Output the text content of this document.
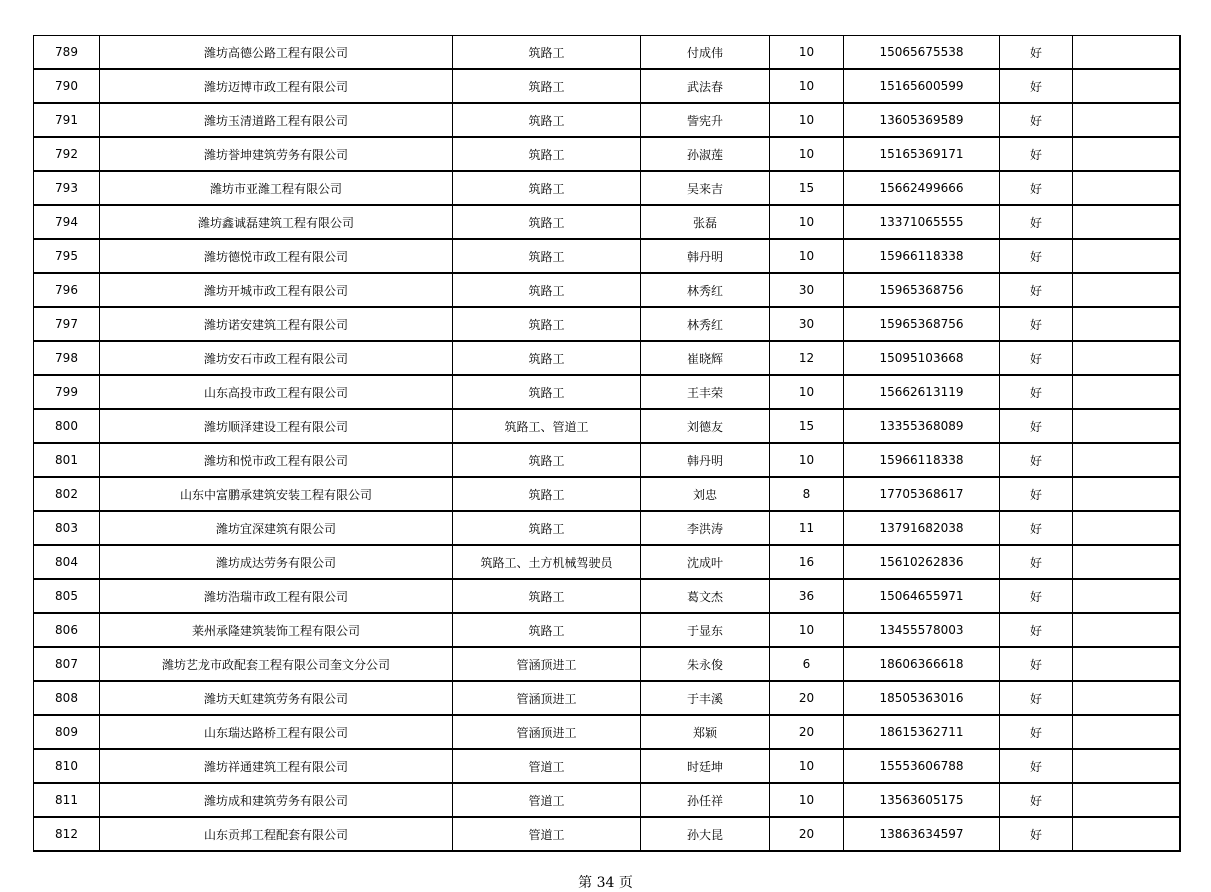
789	潍坊高德公路工程有限公司	筑路工	付成伟	10	15065675538	好	
790	潍坊迈博市政工程有限公司	筑路工	武法春	10	15165600599	好	
791	潍坊玉清道路工程有限公司	筑路工	訾宪升	10	13605369589	好	
792	潍坊誉坤建筑劳务有限公司	筑路工	孙淑莲	10	15165369171	好	
793	潍坊市亚潍工程有限公司	筑路工	吴来吉	15	15662499666	好	
794	潍坊鑫诚磊建筑工程有限公司	筑路工	张磊	10	13371065555	好	
795	潍坊德悦市政工程有限公司	筑路工	韩丹明	10	15966118338	好	
796	潍坊开城市政工程有限公司	筑路工	林秀红	30	15965368756	好	
797	潍坊诺安建筑工程有限公司	筑路工	林秀红	30	15965368756	好	
798	潍坊安石市政工程有限公司	筑路工	崔晓辉	12	15095103668	好	
799	山东高投市政工程有限公司	筑路工	王丰荣	10	15662613119	好	
800	潍坊顺泽建设工程有限公司	筑路工、管道工	刘德友	15	13355368089	好	
801	潍坊和悦市政工程有限公司	筑路工	韩丹明	10	15966118338	好	
802	山东中富鹏承建筑安装工程有限公司	筑路工	刘忠	8	17705368617	好	
803	潍坊宜深建筑有限公司	筑路工	李洪涛	11	13791682038	好	
804	潍坊成达劳务有限公司	筑路工、土方机械驾驶员	沈成叶	16	15610262836	好	
805	潍坊浩瑞市政工程有限公司	筑路工	葛文杰	36	15064655971	好	
806	莱州承隆建筑装饰工程有限公司	筑路工	于显东	10	13455578003	好	
807	潍坊艺龙市政配套工程有限公司奎文分公司	管涵顶进工	朱永俊	6	18606366618	好	
808	潍坊天虹建筑劳务有限公司	管涵顶进工	于丰溪	20	18505363016	好	
809	山东瑞达路桥工程有限公司	管涵顶进工	郑颖	20	18615362711	好	
810	潍坊祥通建筑工程有限公司	管道工	时廷坤	10	15553606788	好	
811	潍坊成和建筑劳务有限公司	管道工	孙任祥	10	13563605175	好	
812	山东贡邦工程配套有限公司	管道工	孙大昆	20	13863634597	好	
第 34 页
